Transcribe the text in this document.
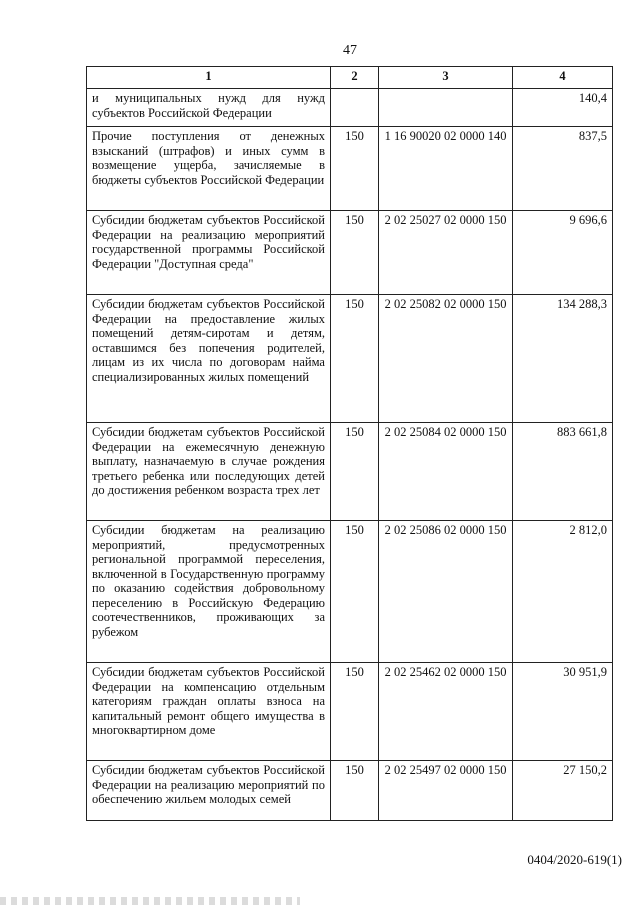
47
1	2	3	4
и муниципальных нужд для нужд субъектов Российской Федерации			140,4
Прочие поступления от денежных взысканий (штрафов) и иных сумм в возмещение ущерба, зачисляемые в бюджеты субъектов Российской Федерации	150	1 16 90020 02 0000 140	837,5
Субсидии бюджетам субъектов Российской Федерации на реализацию мероприятий государственной программы Российской Федерации "Доступная среда"	150	2 02 25027 02 0000 150	9 696,6
Субсидии бюджетам субъектов Российской Федерации на предоставление жилых помещений детям-сиротам и детям, оставшимся без попечения родителей, лицам из их числа по договорам найма специализированных жилых помещений	150	2 02 25082 02 0000 150	134 288,3
Субсидии бюджетам субъектов Российской Федерации на ежемесячную денежную выплату, назначаемую в случае рождения третьего ребенка или последующих детей до достижения ребенком возраста трех лет	150	2 02 25084 02 0000 150	883 661,8
Субсидии бюджетам на реализацию мероприятий, предусмотренных региональной программой переселения, включенной в Государственную программу по оказанию содействия добровольному переселению в Российскую Федерацию соотечественников, проживающих за рубежом	150	2 02 25086 02 0000 150	2 812,0
Субсидии бюджетам субъектов Российской Федерации на компенсацию отдельным категориям граждан оплаты взноса на капитальный ремонт общего имущества в многоквартирном доме	150	2 02 25462 02 0000 150	30 951,9
Субсидии бюджетам субъектов Российской Федерации на реализацию мероприятий по обеспечению жильем молодых семей	150	2 02 25497 02 0000 150	27 150,2
0404/2020-619(1)
